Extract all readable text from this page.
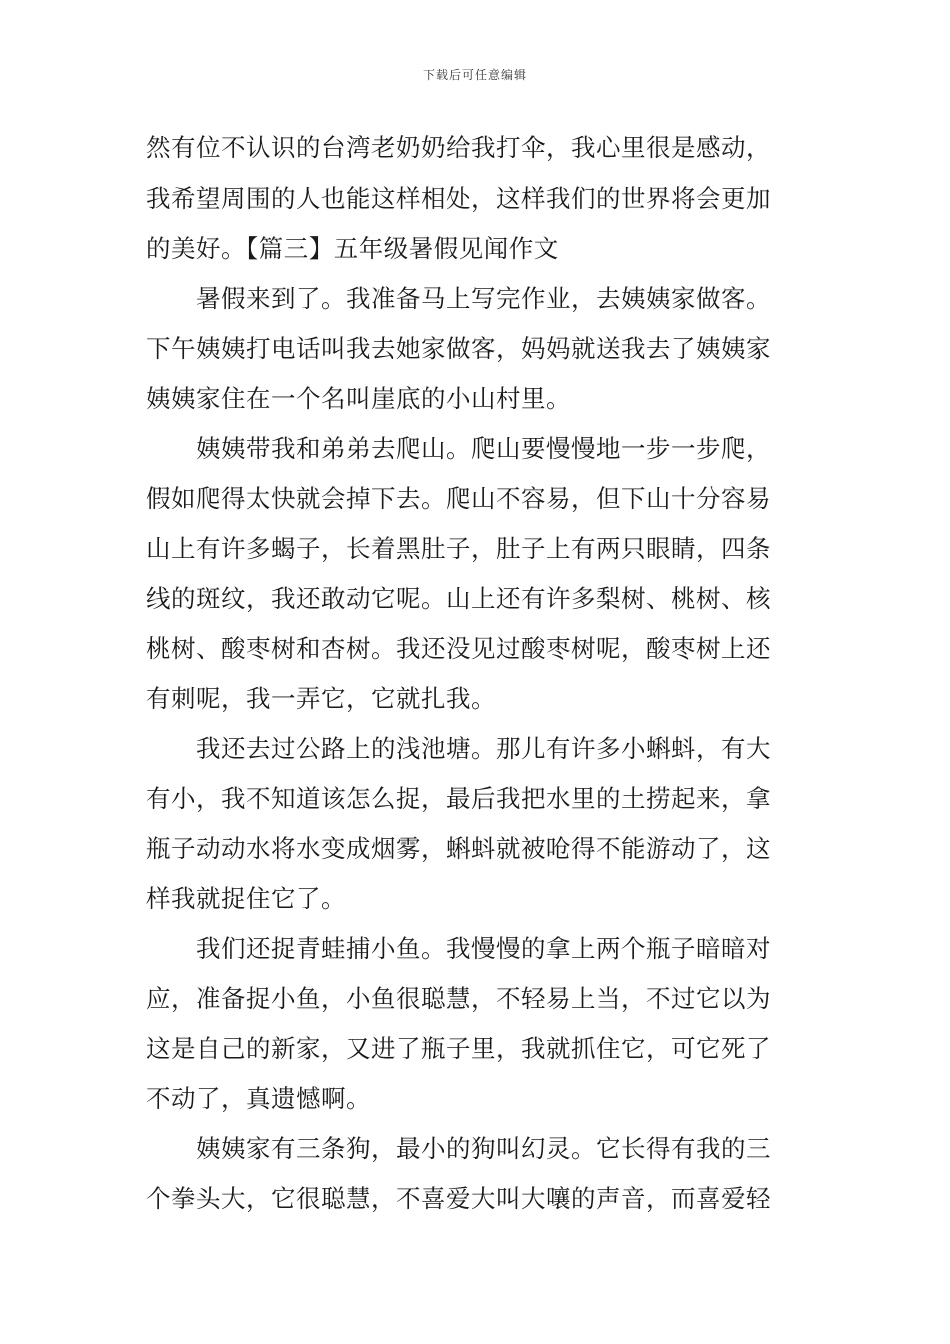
下载后可任意编辑
然有位不认识的台湾老奶奶给我打伞，我心里很是感动，
我希望周围的人也能这样相处，这样我们的世界将会更加
的美好。【篇三】五年级暑假见闻作文
暑假来到了。我准备马上写完作业，去姨姨家做客。
下午姨姨打电话叫我去她家做客，妈妈就送我去了姨姨家
姨姨家住在一个名叫崖底的小山村里。
姨姨带我和弟弟去爬山。爬山要慢慢地一步一步爬，
假如爬得太快就会掉下去。爬山不容易，但下山十分容易
山上有许多蝎子，长着黑肚子，肚子上有两只眼睛，四条
线的斑纹，我还敢动它呢。山上还有许多梨树、桃树、核
桃树、酸枣树和杏树。我还没见过酸枣树呢，酸枣树上还
有刺呢，我一弄它，它就扎我。
我还去过公路上的浅池塘。那儿有许多小蝌蚪，有大
有小，我不知道该怎么捉，最后我把水里的土捞起来，拿
瓶子动动水将水变成烟雾，蝌蚪就被呛得不能游动了，这
样我就捉住它了。
我们还捉青蛙捕小鱼。我慢慢的拿上两个瓶子暗暗对
应，准备捉小鱼，小鱼很聪慧，不轻易上当，不过它以为
这是自己的新家，又进了瓶子里，我就抓住它，可它死了
不动了，真遗憾啊。
姨姨家有三条狗，最小的狗叫幻灵。它长得有我的三
个拳头大，它很聪慧，不喜爱大叫大嚷的声音，而喜爱轻
